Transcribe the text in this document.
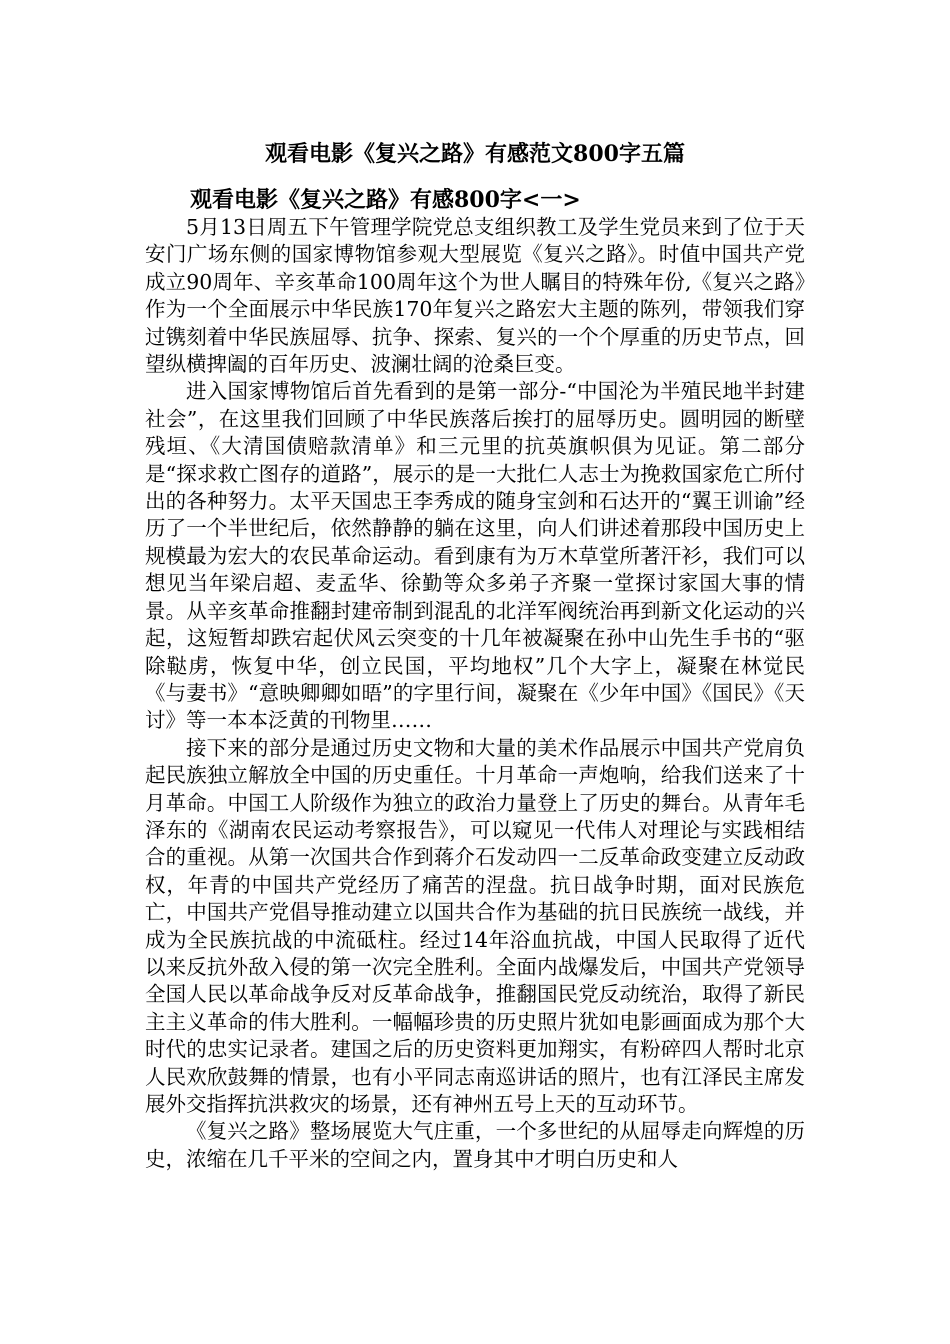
观看电影《复兴之路》有感范文800字五篇
观看电影《复兴之路》有感800字<一>

5月13日周五下午管理学院党总支组织教工及学生党员来到了位于天安门广场东侧的国家博物馆参观大型展览《复兴之路》。时值中国共产党成立90周年、辛亥革命100周年这个为世人瞩目的特殊年份,《复兴之路》作为一个全面展示中华民族170年复兴之路宏大主题的陈列，带领我们穿过镌刻着中华民族屈辱、抗争、探索、复兴的一个个厚重的历史节点，回望纵横捭阖的百年历史、波澜壮阔的沧桑巨变。

进入国家博物馆后首先看到的是第一部分-“中国沦为半殖民地半封建社会”，在这里我们回顾了中华民族落后挨打的屈辱历史。圆明园的断壁残垣、《大清国债赔款清单》和三元里的抗英旗帜俱为见证。第二部分是“探求救亡图存的道路”，展示的是一大批仁人志士为挽救国家危亡所付出的各种努力。太平天国忠王李秀成的随身宝剑和石达开的“翼王训谕”经历了一个半世纪后，依然静静的躺在这里，向人们讲述着那段中国历史上规模最为宏大的农民革命运动。看到康有为万木草堂所著汗衫，我们可以想见当年梁启超、麦孟华、徐勤等众多弟子齐聚一堂探讨家国大事的情景。从辛亥革命推翻封建帝制到混乱的北洋军阀统治再到新文化运动的兴起，这短暂却跌宕起伏风云突变的十几年被凝聚在孙中山先生手书的“驱除鞑虏，恢复中华，创立民国，平均地权”几个大字上，凝聚在林觉民《与妻书》“意映卿卿如晤”的字里行间，凝聚在《少年中国》《国民》《天讨》等一本本泛黄的刊物里……

接下来的部分是通过历史文物和大量的美术作品展示中国共产党肩负起民族独立解放全中国的历史重任。十月革命一声炮响，给我们送来了十月革命。中国工人阶级作为独立的政治力量登上了历史的舞台。从青年毛泽东的《湖南农民运动考察报告》，可以窥见一代伟人对理论与实践相结合的重视。从第一次国共合作到蒋介石发动四一二反革命政变建立反动政权，年青的中国共产党经历了痛苦的涅盘。抗日战争时期，面对民族危亡，中国共产党倡导推动建立以国共合作为基础的抗日民族统一战线，并成为全民族抗战的中流砥柱。经过14年浴血抗战，中国人民取得了近代以来反抗外敌入侵的第一次完全胜利。全面内战爆发后，中国共产党领导全国人民以革命战争反对反革命战争，推翻国民党反动统治，取得了新民主主义革命的伟大胜利。一幅幅珍贵的历史照片犹如电影画面成为那个大时代的忠实记录者。建国之后的历史资料更加翔实，有粉碎四人帮时北京人民欢欣鼓舞的情景，也有小平同志南巡讲话的照片，也有江泽民主席发展外交指挥抗洪救灾的场景，还有神州五号上天的互动环节。

《复兴之路》整场展览大气庄重，一个多世纪的从屈辱走向辉煌的历史，浓缩在几千平米的空间之内，置身其中才明白历史和人
